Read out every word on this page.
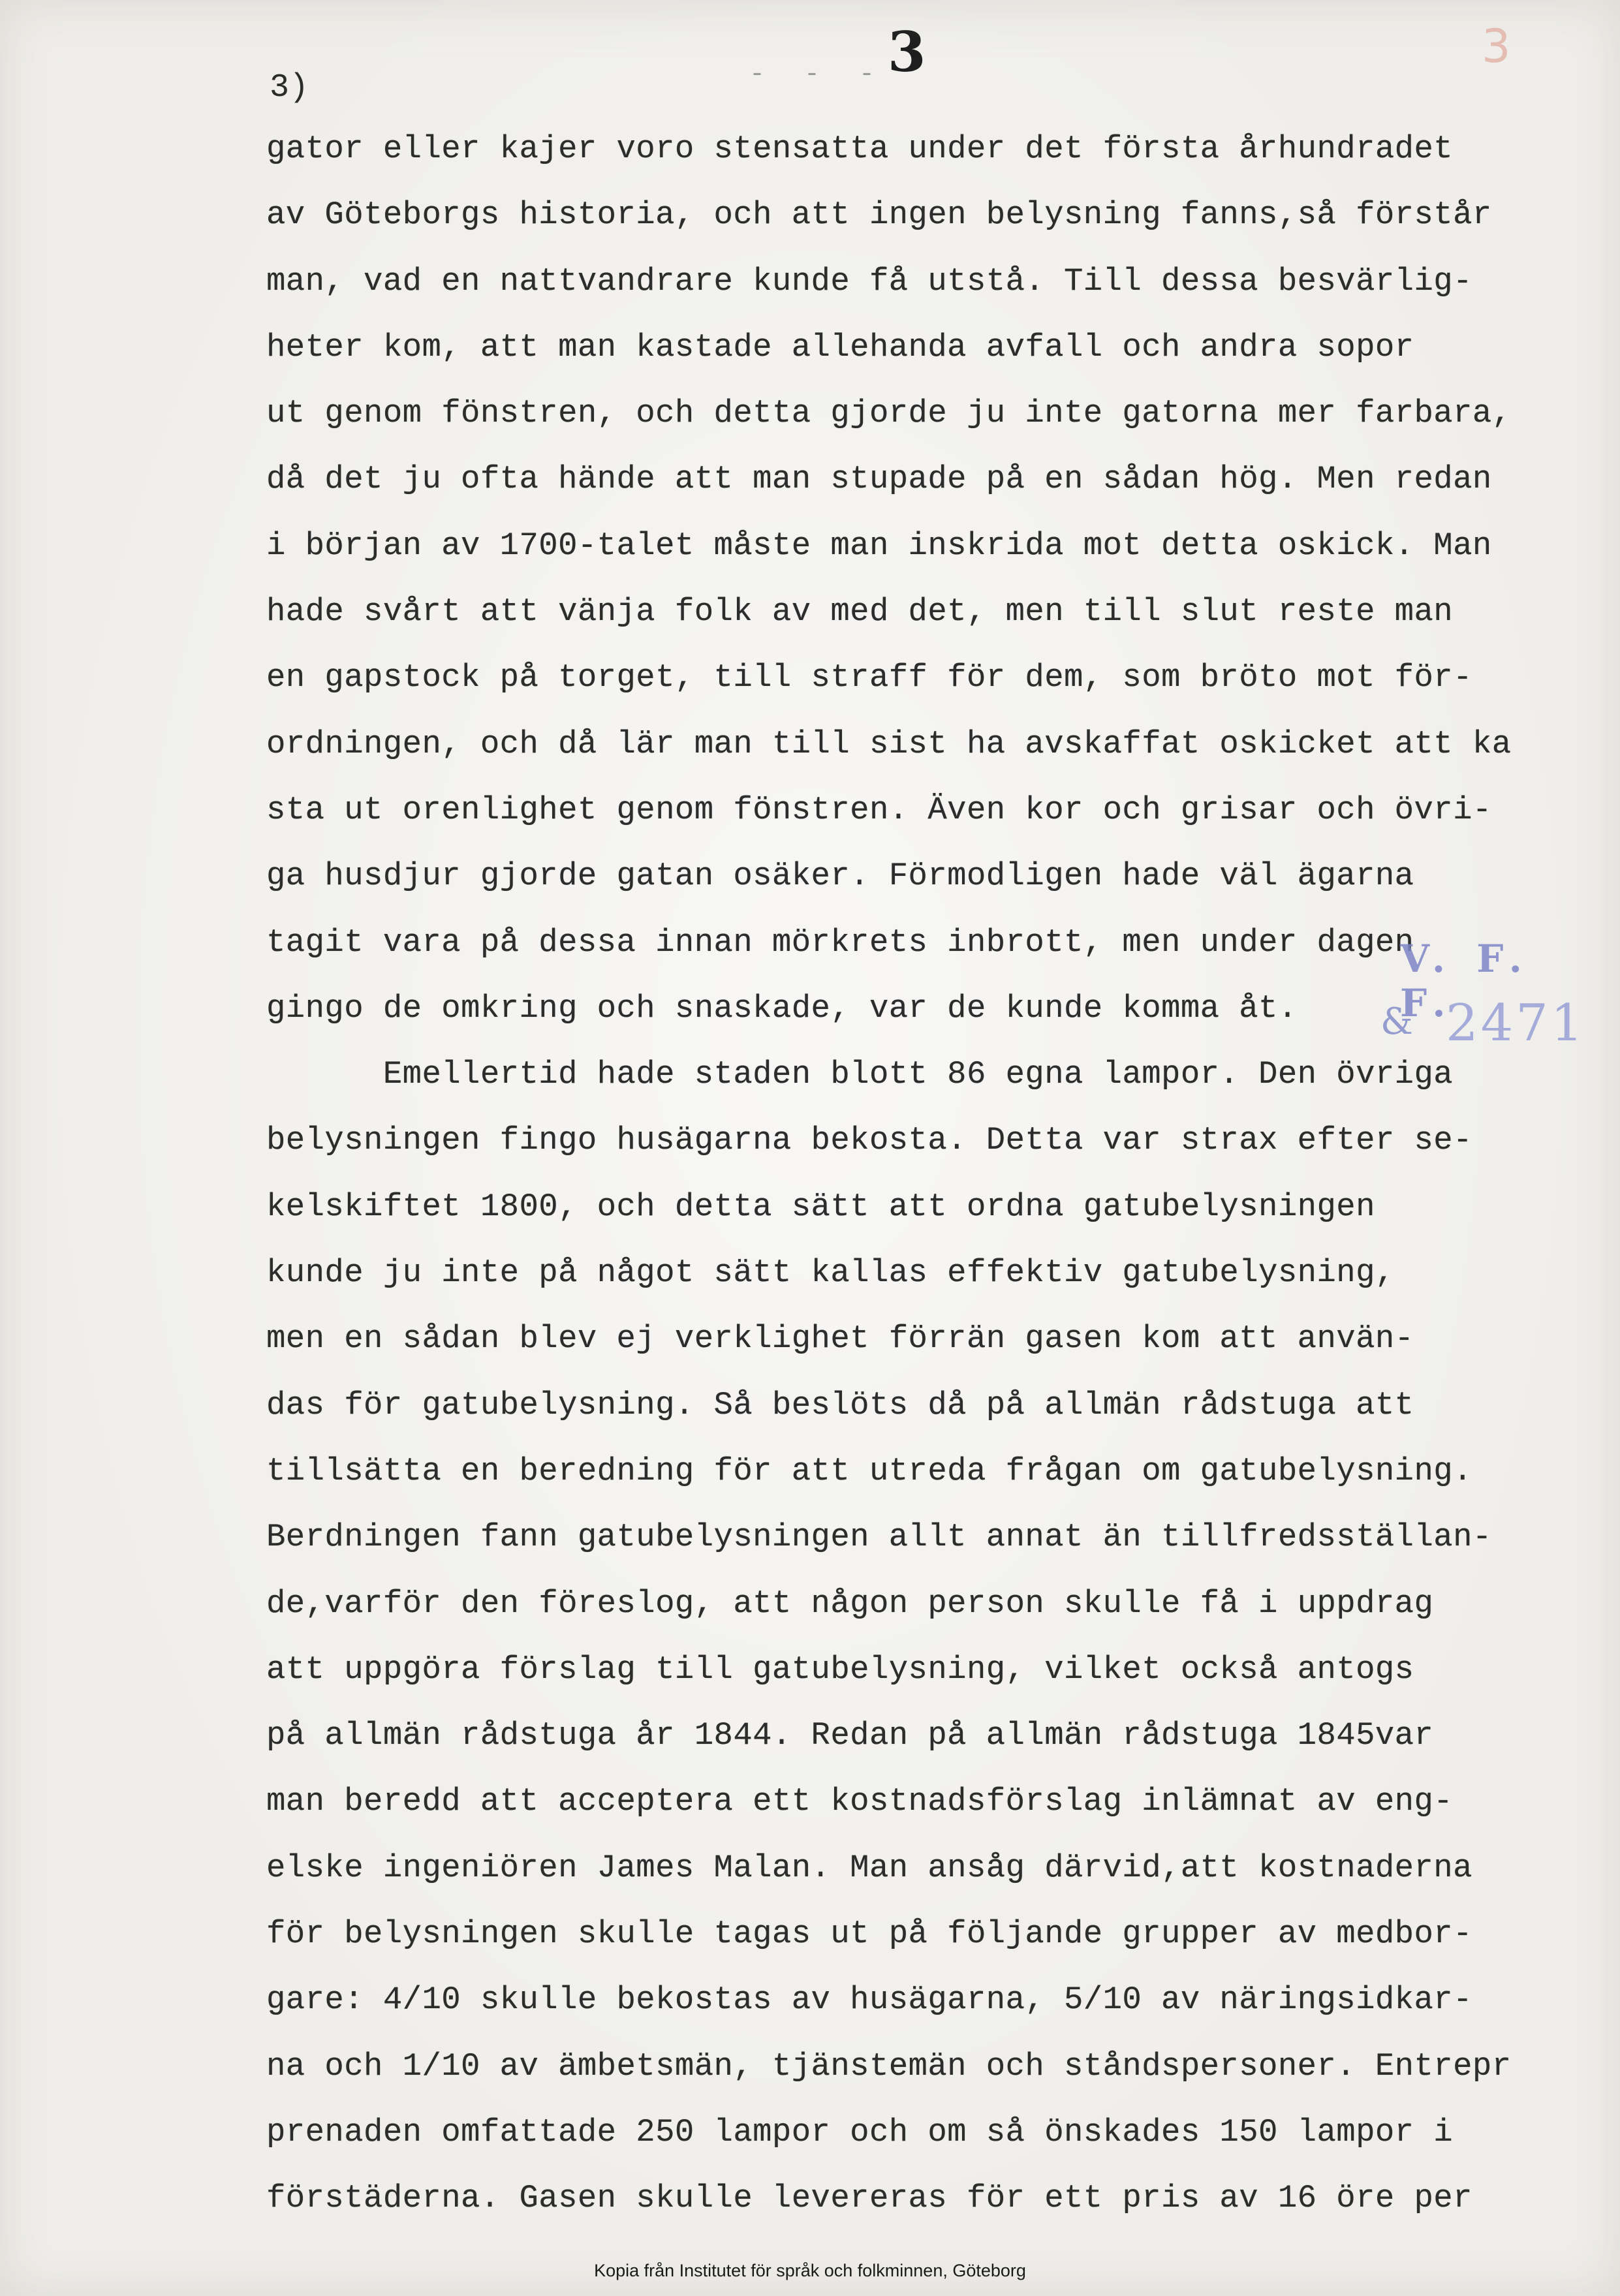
3	3
- - -
3)
gator eller kajer voro stensatta under det första århundradet
av Göteborgs historia, och att ingen belysning fanns,så förstår
man, vad en nattvandrare kunde få utstå. Till dessa besvärlig-
heter kom, att man kastade allehanda avfall och andra sopor
ut genom fönstren, och detta gjorde ju inte gatorna mer farbara,
då det ju ofta hände att man stupade på en sådan hög. Men redan
i början av 1700-talet måste man inskrida mot detta oskick. Man
hade svårt att vänja folk av med det, men till slut reste man
en gapstock på torget, till straff för dem, som bröto mot för-
ordningen, och då lär man till sist ha avskaffat oskicket att ka
sta ut orenlighet genom fönstren. Även kor och grisar och övri-
ga husdjur gjorde gatan osäker. Förmodligen hade väl ägarna
tagit vara på dessa innan mörkrets inbrott, men under dagen
gingo de omkring och snaskade, var de kunde komma åt.
Emellertid hade staden blott 86 egna lampor. Den övriga
belysningen fingo husägarna bekosta. Detta var strax efter se-
kelskiftet 1800, och detta sätt att ordna gatubelysningen
kunde ju inte på något sätt kallas effektiv gatubelysning,
men en sådan blev ej verklighet förrän gasen kom att använ-
das för gatubelysning. Så beslöts då på allmän rådstuga att
tillsätta en beredning för att utreda frågan om gatubelysning.
Berdningen fann gatubelysningen allt annat än tillfredsställan-
de,varför den föreslog, att någon person skulle få i uppdrag
att uppgöra förslag till gatubelysning, vilket också antogs
på allmän rådstuga år 1844. Redan på allmän rådstuga 1845var
man beredd att acceptera ett kostnadsförslag inlämnat av eng-
elske ingeniören James Malan. Man ansåg därvid,att kostnaderna
för belysningen skulle tagas ut på följande grupper av medbor-
gare: 4/10 skulle bekostas av husägarna, 5/10 av näringsidkar-
na och 1/10 av ämbetsmän, tjänstemän och ståndspersoner. Entrepr
prenaden omfattade 250 lampor och om så önskades 150 lampor i
förstäderna. Gasen skulle levereras för ett pris av 16 öre per
V. F. F.
& 2471
Kopia från Institutet för språk och folkminnen, Göteborg
